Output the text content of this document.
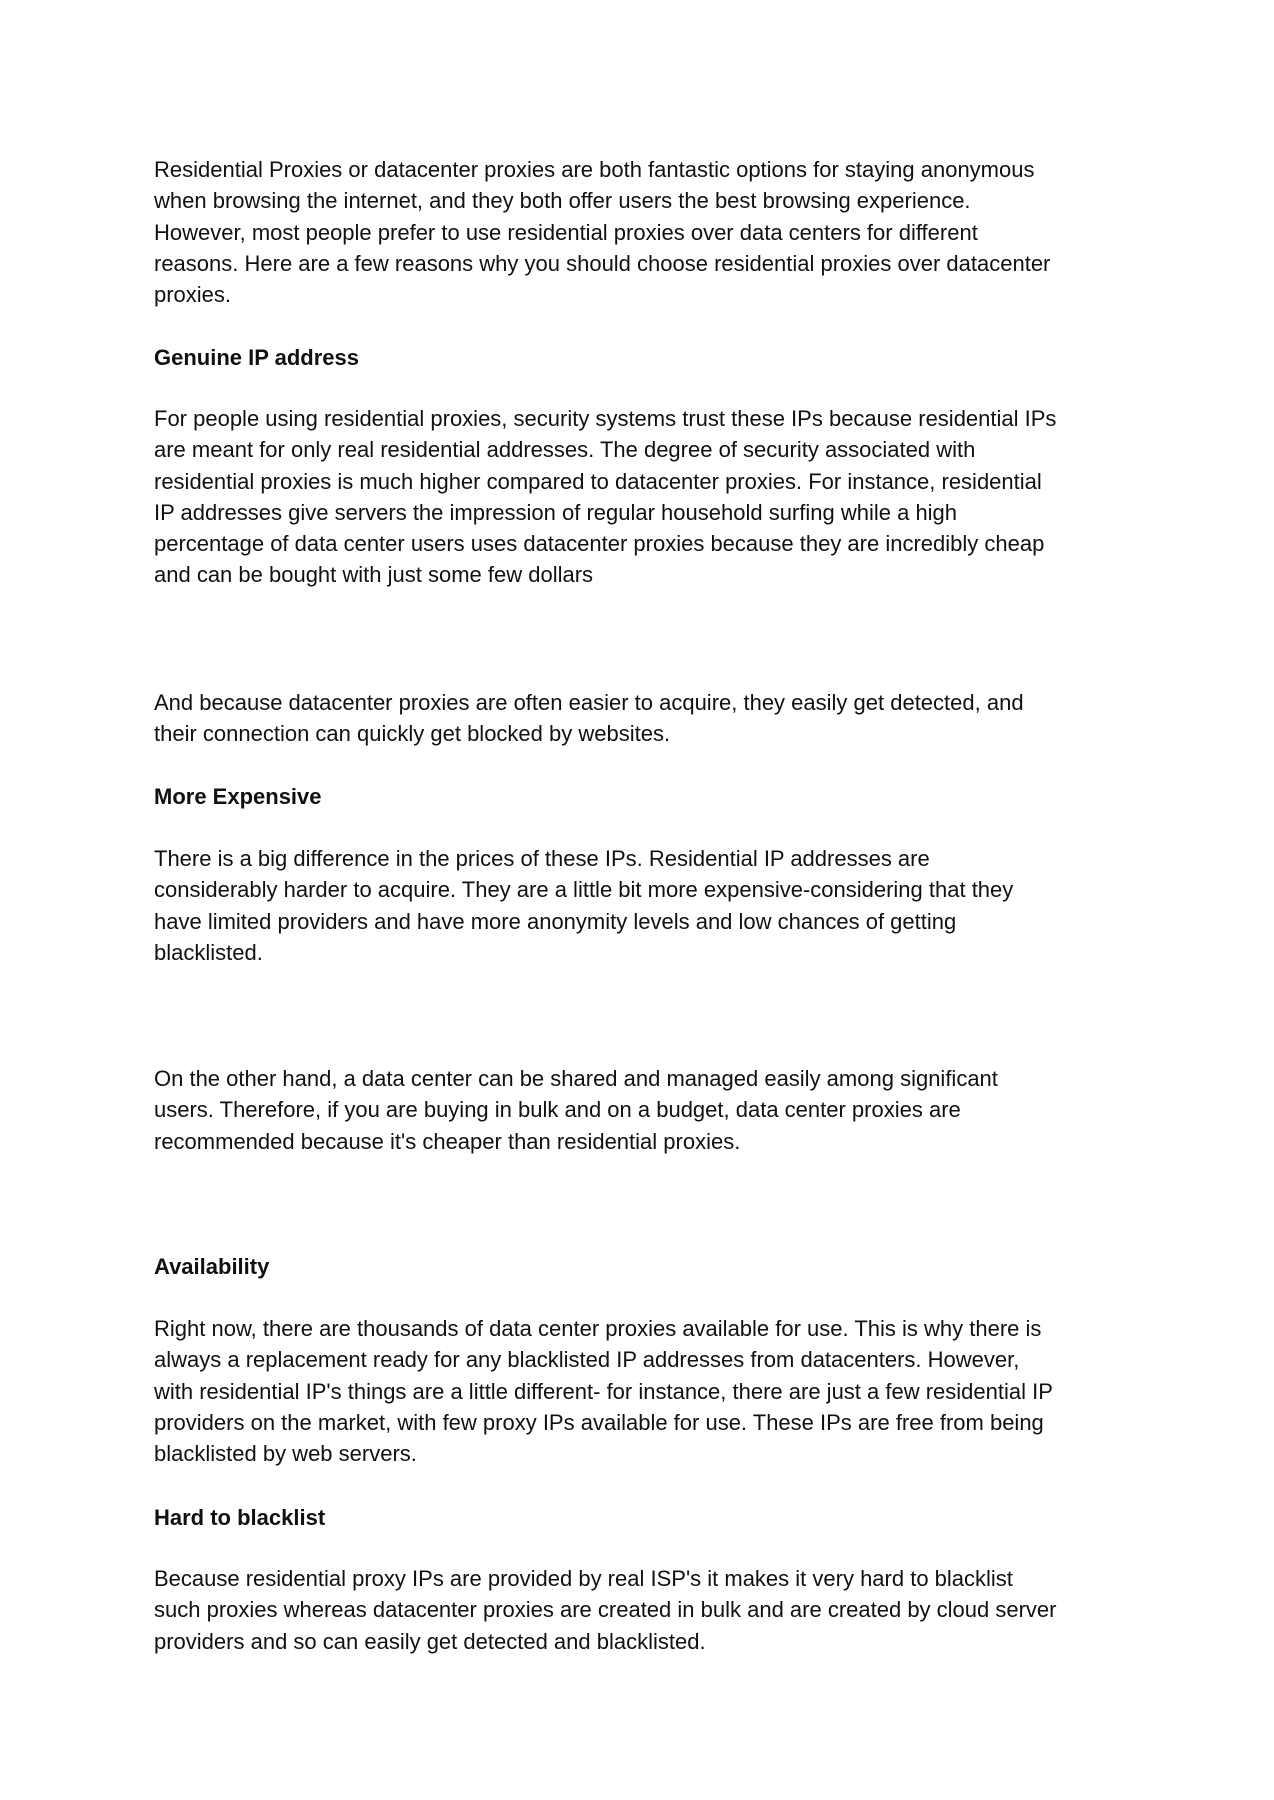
Residential Proxies or datacenter proxies are both fantastic options for staying anonymous
when browsing the internet, and they both offer users the best browsing experience.
However, most people prefer to use residential proxies over data centers for different
reasons. Here are a few reasons why you should choose residential proxies over datacenter
proxies.
Genuine IP address
For people using residential proxies, security systems trust these IPs because residential IPs
are meant for only real residential addresses. The degree of security associated with
residential proxies is much higher compared to datacenter proxies. For instance, residential
IP addresses give servers the impression of regular household surfing while a high
percentage of data center users uses datacenter proxies because they are incredibly cheap
and can be bought with just some few dollars
And because datacenter proxies are often easier to acquire, they easily get detected, and
their connection can quickly get blocked by websites.
More Expensive
There is a big difference in the prices of these IPs. Residential IP addresses are
considerably harder to acquire. They are a little bit more expensive-considering that they
have limited providers and have more anonymity levels and low chances of getting
blacklisted.
On the other hand, a data center can be shared and managed easily among significant
users. Therefore, if you are buying in bulk and on a budget, data center proxies are
recommended because it's cheaper than residential proxies.
Availability
Right now, there are thousands of data center proxies available for use. This is why there is
always a replacement ready for any blacklisted IP addresses from datacenters. However,
with residential IP's things are a little different- for instance, there are just a few residential IP
providers on the market, with few proxy IPs available for use. These IPs are free from being
blacklisted by web servers.
Hard to blacklist
Because residential proxy IPs are provided by real ISP's it makes it very hard to blacklist
such proxies whereas datacenter proxies are created in bulk and are created by cloud server
providers and so can easily get detected and blacklisted.
